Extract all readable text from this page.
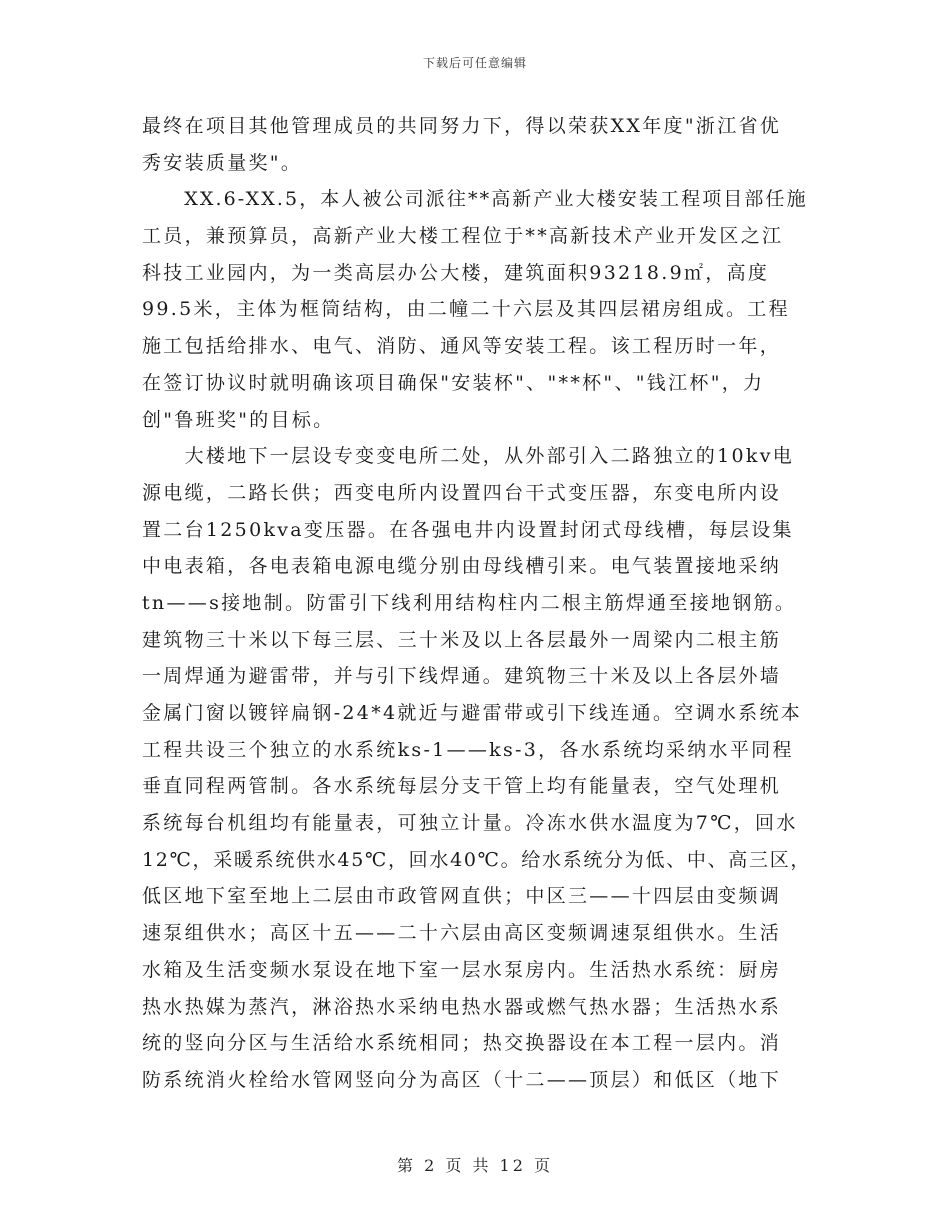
下载后可任意编辑
最终在项目其他管理成员的共同努力下，得以荣获XX年度"浙江省优
秀安装质量奖"。
　　XX.6-XX.5，本人被公司派往**高新产业大楼安装工程项目部任施
工员，兼预算员，高新产业大楼工程位于**高新技术产业开发区之江
科技工业园内，为一类高层办公大楼，建筑面积93218.9㎡，高度
99.5米，主体为框筒结构，由二幢二十六层及其四层裙房组成。工程
施工包括给排水、电气、消防、通风等安装工程。该工程历时一年，
在签订协议时就明确该项目确保"安装杯"、"**杯"、"钱江杯"，力
创"鲁班奖"的目标。
　　大楼地下一层设专变变电所二处，从外部引入二路独立的10kv电
源电缆，二路长供；西变电所内设置四台干式变压器，东变电所内设
置二台1250kva变压器。在各强电井内设置封闭式母线槽，每层设集
中电表箱，各电表箱电源电缆分别由母线槽引来。电气装置接地采纳
tn——s接地制。防雷引下线利用结构柱内二根主筋焊通至接地钢筋。
建筑物三十米以下每三层、三十米及以上各层最外一周梁内二根主筋
一周焊通为避雷带，并与引下线焊通。建筑物三十米及以上各层外墙
金属门窗以镀锌扁钢-24*4就近与避雷带或引下线连通。空调水系统本
工程共设三个独立的水系统ks-1——ks-3，各水系统均采纳水平同程
垂直同程两管制。各水系统每层分支干管上均有能量表，空气处理机
系统每台机组均有能量表，可独立计量。冷冻水供水温度为7℃，回水
12℃，采暖系统供水45℃，回水40℃。给水系统分为低、中、高三区，
低区地下室至地上二层由市政管网直供；中区三——十四层由变频调
速泵组供水；高区十五——二十六层由高区变频调速泵组供水。生活
水箱及生活变频水泵设在地下室一层水泵房内。生活热水系统：厨房
热水热媒为蒸汽，淋浴热水采纳电热水器或燃气热水器；生活热水系
统的竖向分区与生活给水系统相同；热交换器设在本工程一层内。消
防系统消火栓给水管网竖向分为高区（十二——顶层）和低区（地下
第 2 页 共 12 页
